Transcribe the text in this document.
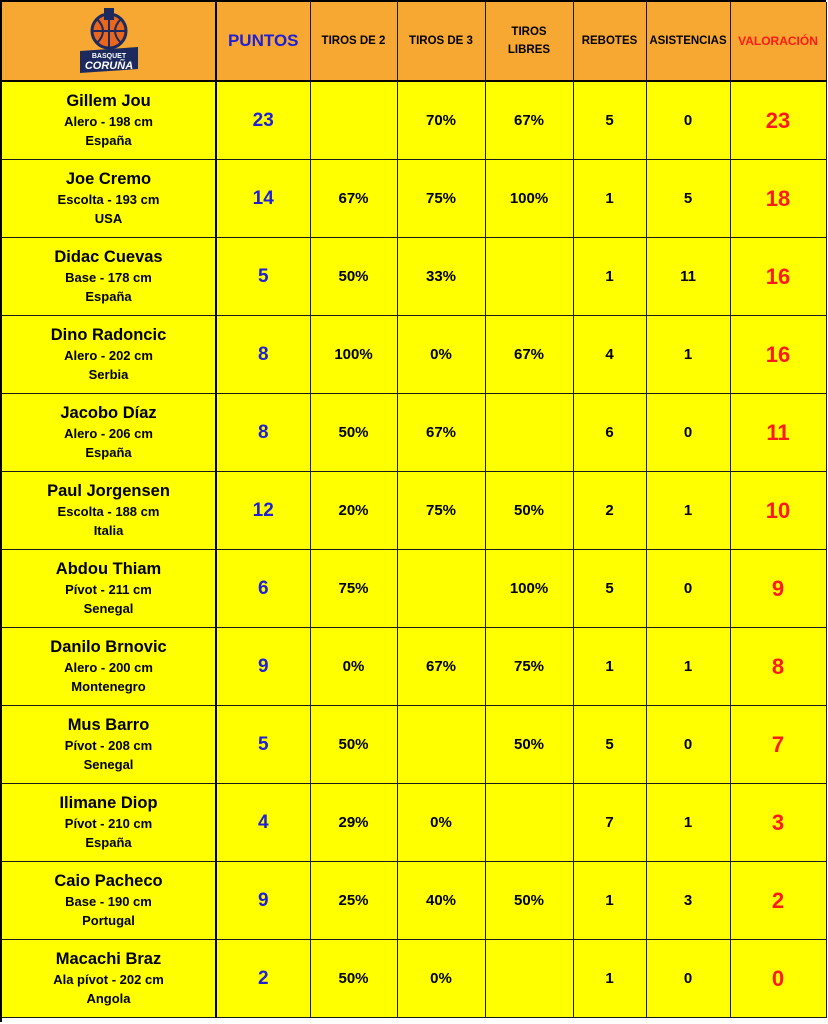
BASQUET
CORUÑA	PUNTOS	TIROS DE 2	TIROS DE 3	TIROS
LIBRES	REBOTES	ASISTENCIAS	VALORACIÓN

Gillem Jou
Alero - 198 cm
España	23		70%	67%	5	0	23

Joe Cremo
Escolta - 193 cm
USA	14	67%	75%	100%	1	5	18

Didac Cuevas
Base - 178 cm
España	5	50%	33%		1	11	16

Dino Radoncic
Alero - 202 cm
Serbia	8	100%	0%	67%	4	1	16

Jacobo Díaz
Alero - 206 cm
España	8	50%	67%		6	0	11

Paul Jorgensen
Escolta - 188 cm
Italia	12	20%	75%	50%	2	1	10

Abdou Thiam
Pívot - 211 cm
Senegal	6	75%		100%	5	0	9

Danilo Brnovic
Alero - 200 cm
Montenegro	9	0%	67%	75%	1	1	8

Mus Barro
Pívot - 208 cm
Senegal	5	50%		50%	5	0	7

Ilimane Diop
Pívot - 210 cm
España	4	29%	0%		7	1	3

Caio Pacheco
Base - 190 cm
Portugal	9	25%	40%	50%	1	3	2

Macachi Braz
Ala pívot - 202 cm
Angola	2	50%	0%		1	0	0
